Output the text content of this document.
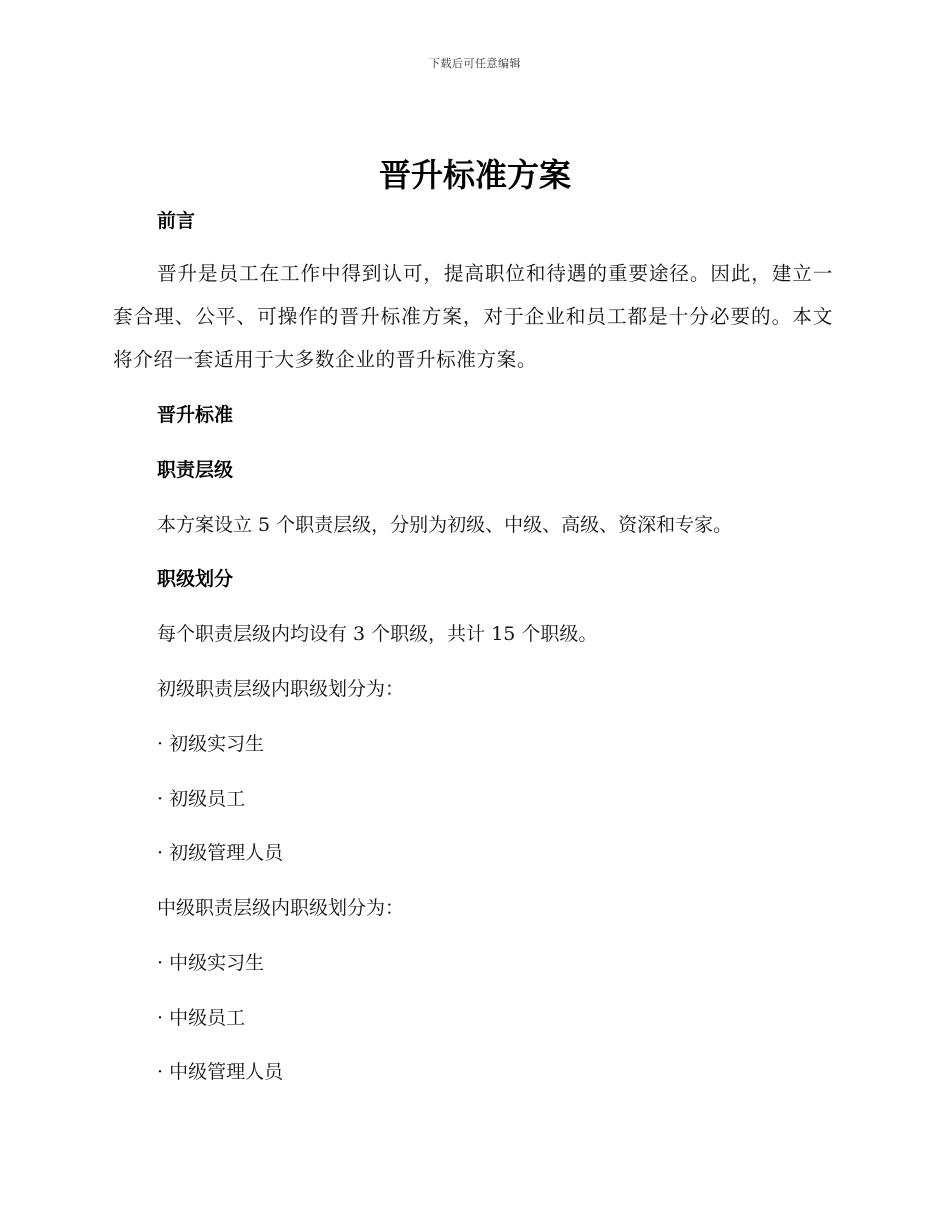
下载后可任意编辑
晋升标准方案
前言
晋升是员工在工作中得到认可，提高职位和待遇的重要途径。因此，建立一套合理、公平、可操作的晋升标准方案，对于企业和员工都是十分必要的。本文将介绍一套适用于大多数企业的晋升标准方案。
晋升标准
职责层级
本方案设立 5 个职责层级，分别为初级、中级、高级、资深和专家。
职级划分
每个职责层级内均设有 3 个职级，共计 15 个职级。
初级职责层级内职级划分为：
· 初级实习生
· 初级员工
· 初级管理人员
中级职责层级内职级划分为：
· 中级实习生
· 中级员工
· 中级管理人员
